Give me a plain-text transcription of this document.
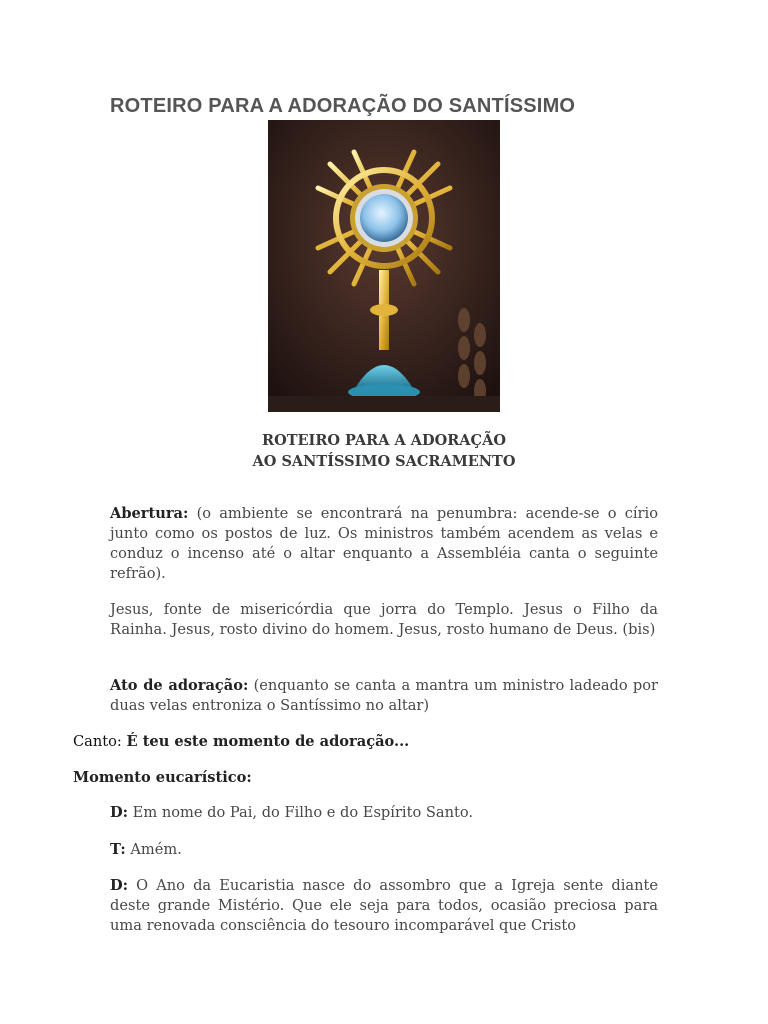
ROTEIRO PARA A ADORAÇÃO DO SANTÍSSIMO
ROTEIRO PARA A ADORAÇÃO
AO SANTÍSSIMO SACRAMENTO

Abertura: (o ambiente se encontrará na penumbra: acende-se o círio junto como os postos de luz. Os ministros também acendem as velas e conduz o incenso até o altar enquanto a Assembléia canta o seguinte refrão).

Jesus, fonte de misericórdia que jorra do Templo. Jesus o Filho da Rainha. Jesus, rosto divino do homem. Jesus, rosto humano de Deus. (bis)

Ato de adoração: (enquanto se canta a mantra um ministro ladeado por duas velas entroniza o Santíssimo no altar)

Canto: É teu este momento de adoração...

Momento eucarístico:

D: Em nome do Pai, do Filho e do Espírito Santo.

T: Amém.

D: O Ano da Eucaristia nasce do assombro que a Igreja sente diante deste grande Mistério. Que ele seja para todos, ocasião preciosa para uma renovada consciência do tesouro incomparável que Cristo
